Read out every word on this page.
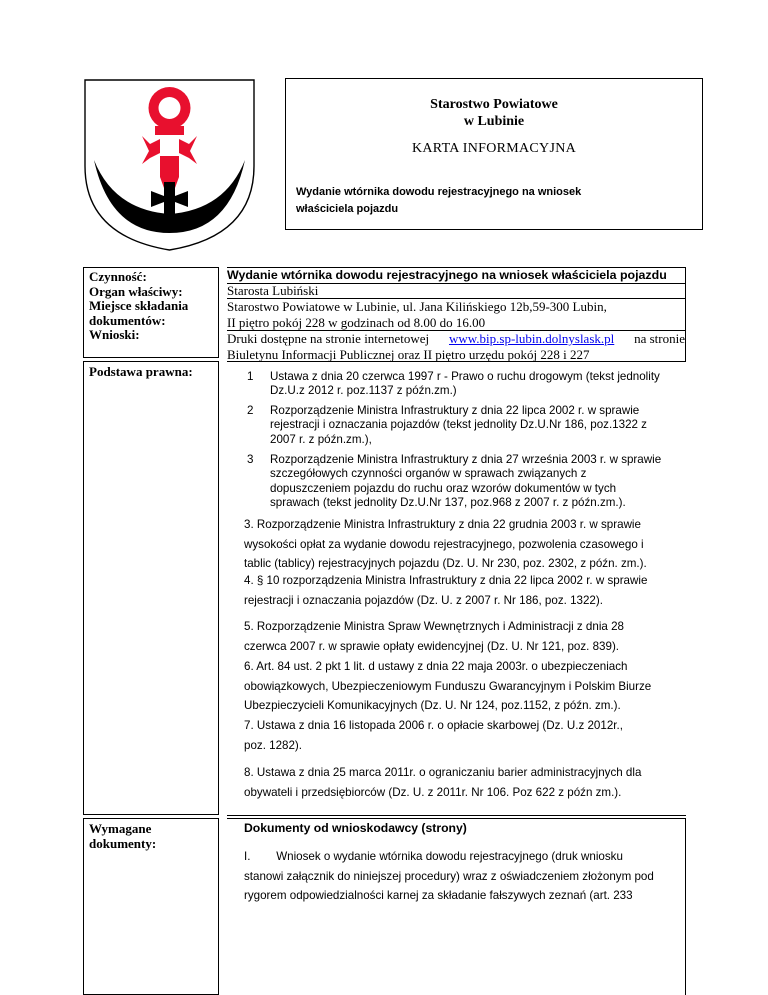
Starostwo Powiatowe
w Lubinie
KARTA INFORMACYJNA
Wydanie wtórnika dowodu rejestracyjnego na wniosek
właściciela pojazdu
Czynność:
Organ właściwy:
Miejsce składania
dokumentów:
Wnioski:
Podstawa prawna:
Wymagane
dokumenty:
Wydanie wtórnika dowodu rejestracyjnego na wniosek właściciela pojazdu
Starosta Lubiński
Starostwo Powiatowe w Lubinie, ul. Jana Kilińskiego 12b,59-300 Lubin,
II piętro pokój 228 w godzinach od 8.00 do 16.00
Druki dostępne na stronie internetowej www.bip.sp-lubin.dolnyslask.pl na stronie
Biuletynu Informacji Publicznej oraz II piętro urzędu pokój 228 i 227
1 Ustawa z dnia 20 czerwca 1997 r - Prawo o ruchu drogowym (tekst jednolity
Dz.U.z 2012 r. poz.1137 z późn.zm.)
2 Rozporządzenie Ministra Infrastruktury z dnia 22 lipca 2002 r. w sprawie
rejestracji i oznaczania pojazdów (tekst jednolity Dz.U.Nr 186, poz.1322 z
2007 r. z późn.zm.),
3 Rozporządzenie Ministra Infrastruktury z dnia 27 września 2003 r. w sprawie
szczegółowych czynności organów w sprawach związanych z
dopuszczeniem pojazdu do ruchu oraz wzorów dokumentów w tych
sprawach (tekst jednolity Dz.U.Nr 137, poz.968 z 2007 r. z późn.zm.).
3. Rozporządzenie Ministra Infrastruktury z dnia 22 grudnia 2003 r. w sprawie
wysokości opłat za wydanie dowodu rejestracyjnego, pozwolenia czasowego i
tablic (tablicy) rejestracyjnych pojazdu (Dz. U. Nr 230, poz. 2302, z późn. zm.).
4. § 10 rozporządzenia Ministra Infrastruktury z dnia 22 lipca 2002 r. w sprawie
rejestracji i oznaczania pojazdów (Dz. U. z 2007 r. Nr 186, poz. 1322).
5. Rozporządzenie Ministra Spraw Wewnętrznych i Administracji z dnia 28
czerwca 2007 r. w sprawie opłaty ewidencyjnej (Dz. U. Nr 121, poz. 839).
6. Art. 84 ust. 2 pkt 1 lit. d ustawy z dnia 22 maja 2003r. o ubezpieczeniach
obowiązkowych, Ubezpieczeniowym Funduszu Gwarancyjnym i Polskim Biurze
Ubezpieczycieli Komunikacyjnych (Dz. U. Nr 124, poz.1152, z późn. zm.).
7. Ustawa z dnia 16 listopada 2006 r. o opłacie skarbowej (Dz. U.z 2012r.,
poz. 1282).
8. Ustawa z dnia 25 marca 2011r. o ograniczaniu barier administracyjnych dla
obywateli i przedsiębiorców (Dz. U. z 2011r. Nr 106. Poz 622 z późn zm.).
Dokumenty od wnioskodawcy (strony)
I.        Wniosek o wydanie wtórnika dowodu rejestracyjnego (druk wniosku
stanowi załącznik do niniejszej procedury) wraz z oświadczeniem złożonym pod
rygorem odpowiedzialności karnej za składanie fałszywych zeznań (art. 233
